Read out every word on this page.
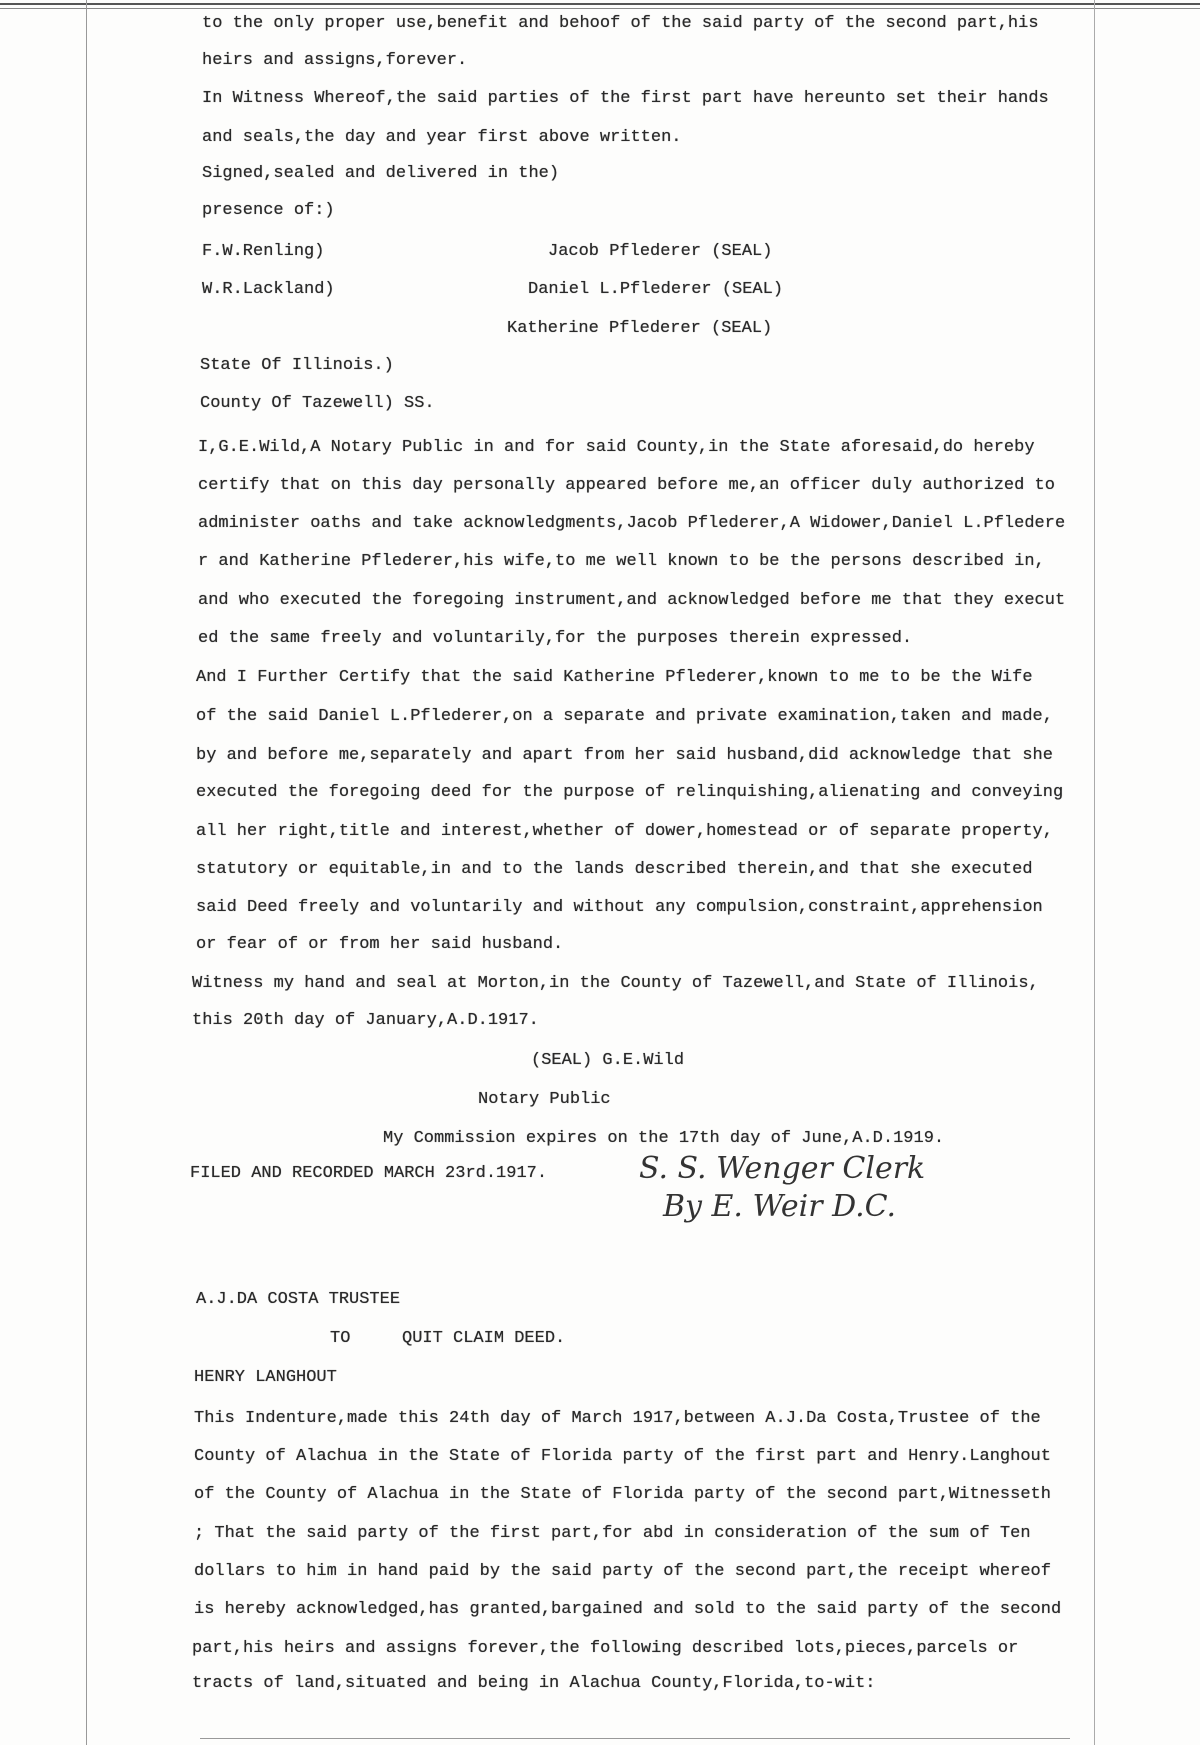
to the only proper use,benefit and behoof of the said party of the second part,his
heirs and assigns,forever.
In Witness Whereof,the said parties of the first part have hereunto set their hands
and seals,the day and year first above written.
Signed,sealed and delivered in the)
presence of:)
F.W.Renling)
W.R.Lackland)
Jacob Pflederer (SEAL)
Daniel L.Pflederer (SEAL)
Katherine Pflederer (SEAL)
State Of Illinois.)
County Of Tazewell) SS.
I,G.E.Wild,A Notary Public in and for said County,in the State aforesaid,do hereby
certify that on this day personally appeared before me,an officer duly authorized to
administer oaths and take acknowledgments,Jacob Pflederer,A Widower,Daniel L.Pfledere
r and Katherine Pflederer,his wife,to me well known to be the persons described in,
and who executed the foregoing instrument,and acknowledged before me that they execut
ed the same freely and voluntarily,for the purposes therein expressed.
And I Further Certify that the said Katherine Pflederer,known to me to be the Wife
of the said Daniel L.Pflederer,on a separate and private examination,taken and made,
by and before me,separately and apart from her said husband,did acknowledge that she
executed the foregoing deed for the purpose of relinquishing,alienating and conveying
all her right,title and interest,whether of dower,homestead or of separate property,
statutory or equitable,in and to the lands described therein,and that she executed
said Deed freely and voluntarily and without any compulsion,constraint,apprehension
or fear of or from her said husband.
Witness my hand and seal at Morton,in the County of Tazewell,and State of Illinois,
this 20th day of January,A.D.1917.
(SEAL) G.E.Wild
Notary Public
My Commission expires on the 17th day of June,A.D.1919.
FILED AND RECORDED MARCH 23rd.1917.	S. S. Wenger Clerk
By E. Weir D.C.
A.J.DA COSTA TRUSTEE
TO	QUIT CLAIM DEED.
HENRY LANGHOUT
This Indenture,made this 24th day of March 1917,between A.J.Da Costa,Trustee of the
County of Alachua in the State of Florida party of the first part and Henry.Langhout
of the County of Alachua in the State of Florida party of the second part,Witnesseth
; That the said party of the first part,for abd in consideration of the sum of Ten
dollars to him in hand paid by the said party of the second part,the receipt whereof
is hereby acknowledged,has granted,bargained and sold to the said party of the second
part,his heirs and assigns forever,the following described lots,pieces,parcels or
tracts of land,situated and being in Alachua County,Florida,to-wit:
